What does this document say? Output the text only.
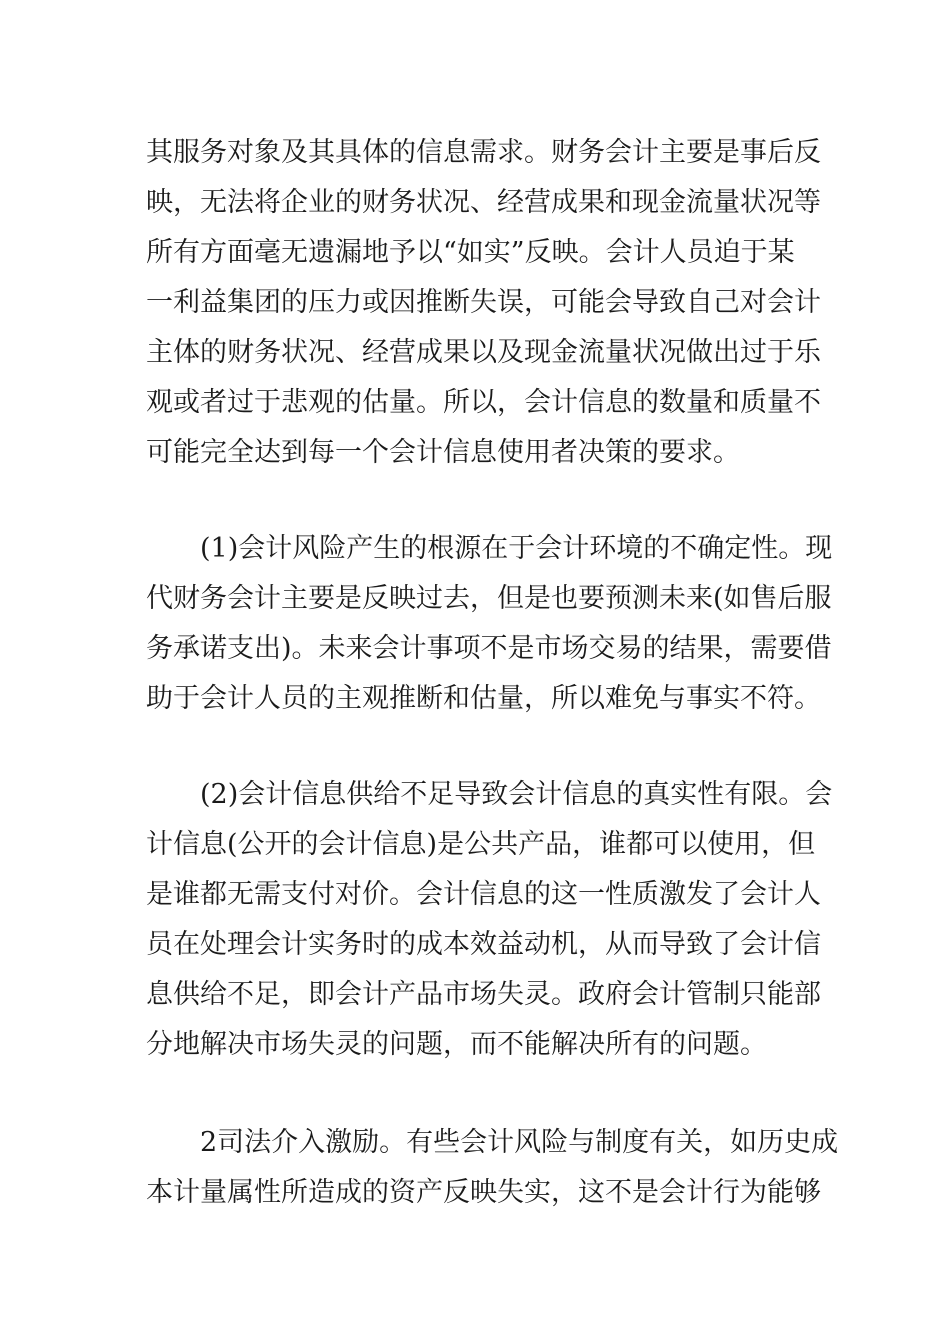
其服务对象及其具体的信息需求。财务会计主要是事后反
映，无法将企业的财务状况、经营成果和现金流量状况等
所有方面毫无遗漏地予以“如实”反映。会计人员迫于某
一利益集团的压力或因推断失误，可能会导致自己对会计
主体的财务状况、经营成果以及现金流量状况做出过于乐
观或者过于悲观的估量。所以，会计信息的数量和质量不
可能完全达到每一个会计信息使用者决策的要求。
(1)会计风险产生的根源在于会计环境的不确定性。现
代财务会计主要是反映过去，但是也要预测未来(如售后服
务承诺支出)。未来会计事项不是市场交易的结果，需要借
助于会计人员的主观推断和估量，所以难免与事实不符。
(2)会计信息供给不足导致会计信息的真实性有限。会
计信息(公开的会计信息)是公共产品，谁都可以使用，但
是谁都无需支付对价。会计信息的这一性质激发了会计人
员在处理会计实务时的成本效益动机，从而导致了会计信
息供给不足，即会计产品市场失灵。政府会计管制只能部
分地解决市场失灵的问题，而不能解决所有的问题。
2司法介入激励。有些会计风险与制度有关，如历史成
本计量属性所造成的资产反映失实，这不是会计行为能够
